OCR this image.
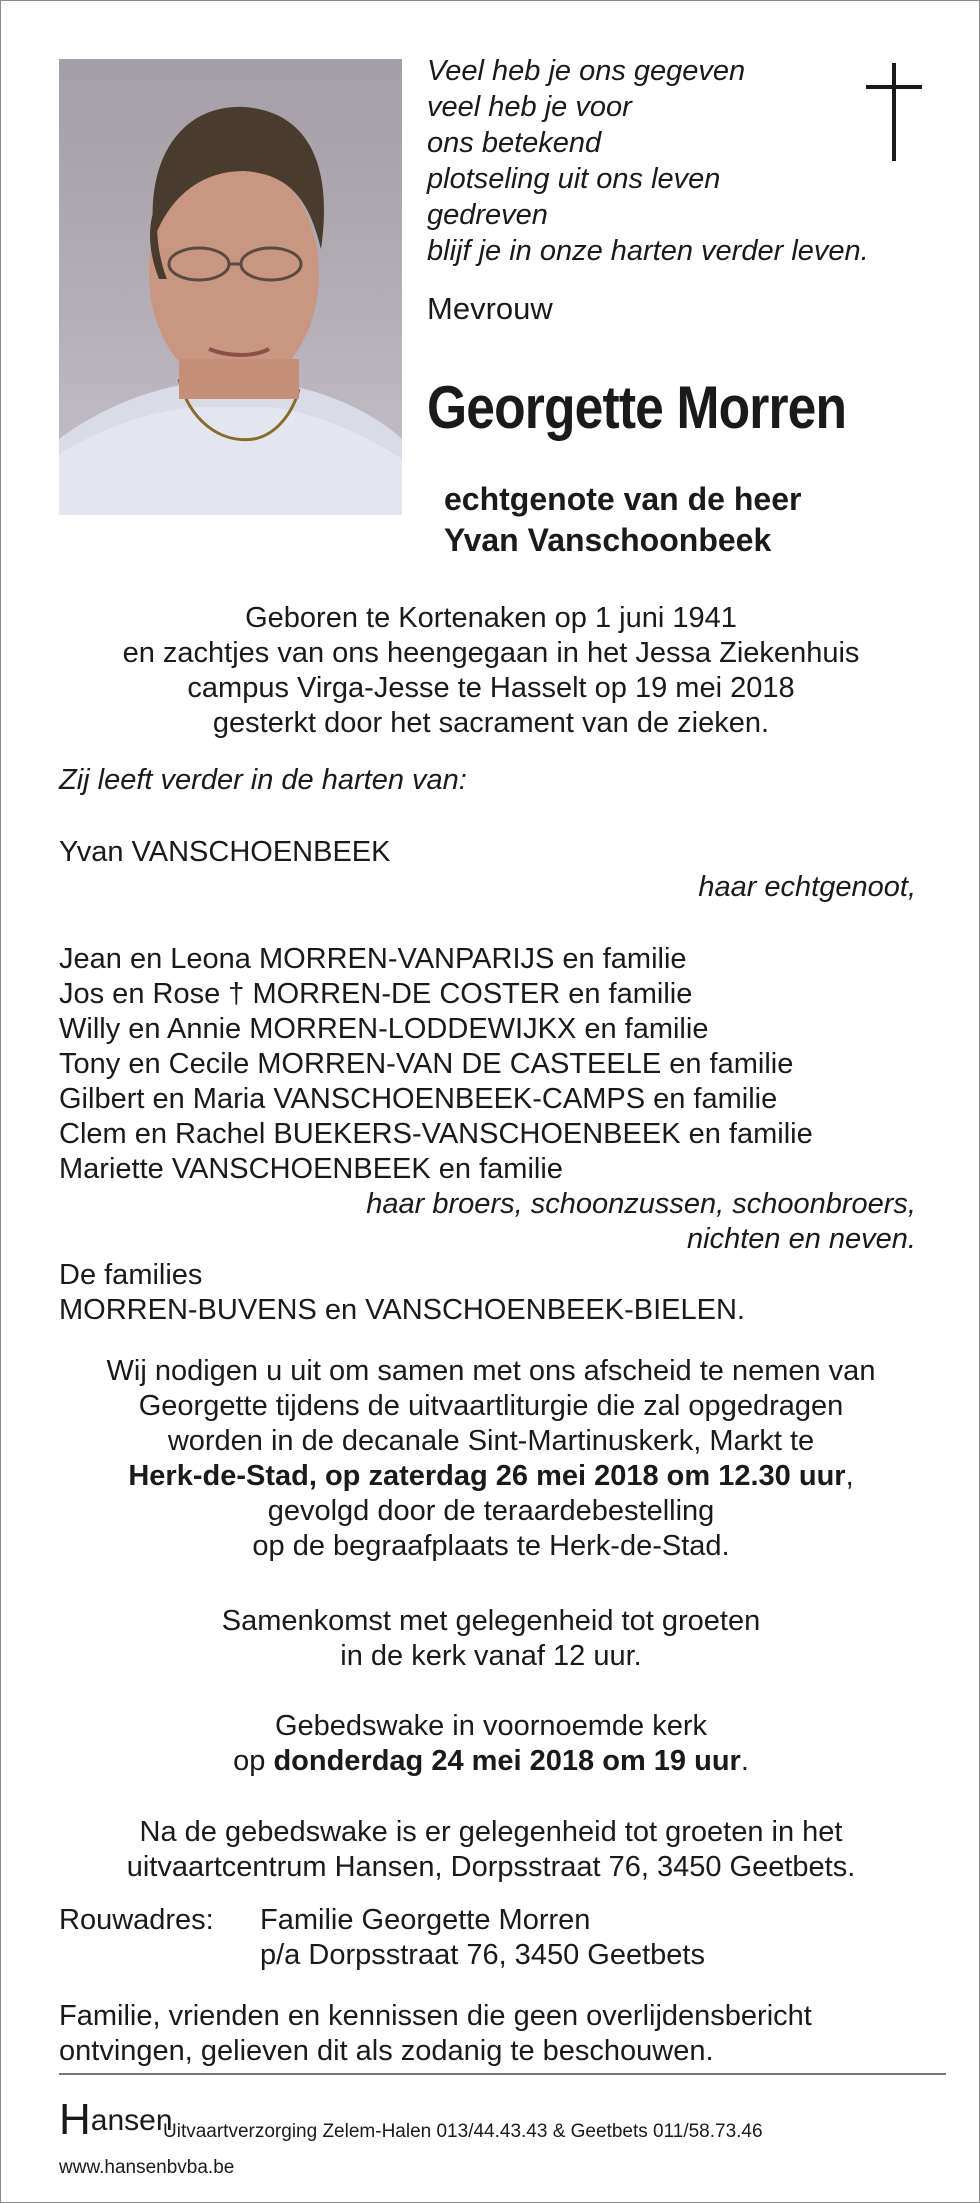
Veel heb je ons gegeven
veel heb je voor
ons betekend
plotseling uit ons leven
gedreven
blijf je in onze harten verder leven.
Mevrouw
Georgette Morren
echtgenote van de heer
Yvan Vanschoonbeek
Geboren te Kortenaken op 1 juni 1941
en zachtjes van ons heengegaan in het Jessa Ziekenhuis
campus Virga-Jesse te Hasselt op 19 mei 2018
gesterkt door het sacrament van de zieken.
Zij leeft verder in de harten van:
Yvan VANSCHOENBEEK
haar echtgenoot,
Jean en Leona MORREN-VANPARIJS en familie
Jos en Rose † MORREN-DE COSTER en familie
Willy en Annie MORREN-LODDEWIJKX en familie
Tony en Cecile MORREN-VAN DE CASTEELE en familie
Gilbert en Maria VANSCHOENBEEK-CAMPS en familie
Clem en Rachel BUEKERS-VANSCHOENBEEK en familie
Mariette VANSCHOENBEEK en familie
haar broers, schoonzussen, schoonbroers,
nichten en neven.
De families
MORREN-BUVENS en VANSCHOENBEEK-BIELEN.
Wij nodigen u uit om samen met ons afscheid te nemen van
Georgette tijdens de uitvaartliturgie die zal opgedragen
worden in de decanale Sint-Martinuskerk, Markt te
Herk-de-Stad, op zaterdag 26 mei 2018 om 12.30 uur,
gevolgd door de teraardebestelling
op de begraafplaats te Herk-de-Stad.
Samenkomst met gelegenheid tot groeten
in de kerk vanaf 12 uur.
Gebedswake in voornoemde kerk
op donderdag 24 mei 2018 om 19 uur.
Na de gebedswake is er gelegenheid tot groeten in het
uitvaartcentrum Hansen, Dorpsstraat 76, 3450 Geetbets.
Rouwadres: Familie Georgette Morren
p/a Dorpsstraat 76, 3450 Geetbets
Familie, vrienden en kennissen die geen overlijdensbericht
ontvingen, gelieven dit als zodanig te beschouwen.
Hansen
Uitvaartverzorging Zelem-Halen 013/44.43.43 & Geetbets 011/58.73.46
www.hansenbvba.be
